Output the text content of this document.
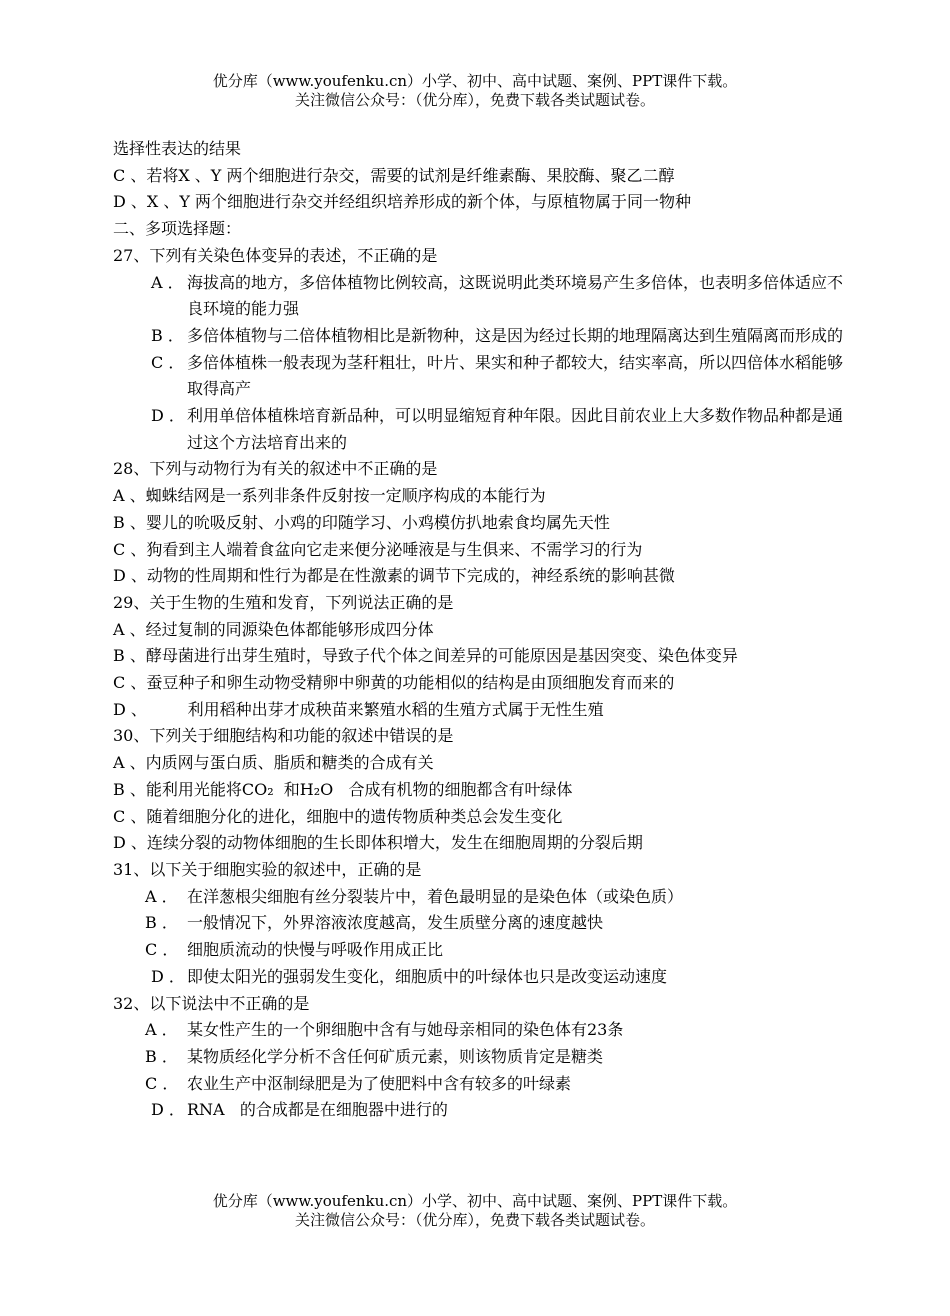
优分库（www.youfenku.cn）小学、初中、高中试题、案例、PPT课件下载。
关注微信公众号：（优分库），免费下载各类试题试卷。
选择性表达的结果
C 、若将X 、Y 两个细胞进行杂交，需要的试剂是纤维素酶、果胶酶、聚乙二醇
D 、X 、Y 两个细胞进行杂交并经组织培养形成的新个体，与原植物属于同一物种
二、多项选择题：
27、下列有关染色体变异的表述，不正确的是
A ． 海拔高的地方，多倍体植物比例较高，这既说明此类环境易产生多倍体，也表明多倍体适应不良环境的能力强
B ． 多倍体植物与二倍体植物相比是新物种，这是因为经过长期的地理隔离达到生殖隔离而形成的
C ． 多倍体植株一般表现为茎秆粗壮，叶片、果实和种子都较大，结实率高，所以四倍体水稻能够取得高产
D ． 利用单倍体植株培育新品种，可以明显缩短育种年限。因此目前农业上大多数作物品种都是通过这个方法培育出来的
28、下列与动物行为有关的叙述中不正确的是
A 、蜘蛛结网是一系列非条件反射按一定顺序构成的本能行为
B 、婴儿的吮吸反射、小鸡的印随学习、小鸡模仿扒地索食均属先天性
C 、狗看到主人端着食盆向它走来便分泌唾液是与生俱来、不需学习的行为
D 、动物的性周期和性行为都是在性激素的调节下完成的，神经系统的影响甚微
29、关于生物的生殖和发育，下列说法正确的是
A 、经过复制的同源染色体都能够形成四分体
B 、酵母菌进行出芽生殖时，导致子代个体之间差异的可能原因是基因突变、染色体变异
C 、蚕豆种子和卵生动物受精卵中卵黄的功能相似的结构是由顶细胞发育而来的
D 、        利用稻种出芽才成秧苗来繁殖水稻的生殖方式属于无性生殖
30、下列关于细胞结构和功能的叙述中错误的是
A 、内质网与蛋白质、脂质和糖类的合成有关
B 、能利用光能将CO₂  和H₂O   合成有机物的细胞都含有叶绿体
C 、随着细胞分化的进化，细胞中的遗传物质种类总会发生变化
D 、连续分裂的动物体细胞的生长即体积增大，发生在细胞周期的分裂后期
31、以下关于细胞实验的叙述中，正确的是
A ． 在洋葱根尖细胞有丝分裂装片中，着色最明显的是染色体（或染色质）
B ． 一般情况下，外界溶液浓度越高，发生质壁分离的速度越快
C ． 细胞质流动的快慢与呼吸作用成正比
D ． 即使太阳光的强弱发生变化，细胞质中的叶绿体也只是改变运动速度
32、以下说法中不正确的是
A ． 某女性产生的一个卵细胞中含有与她母亲相同的染色体有23条
B ． 某物质经化学分析不含任何矿质元素，则该物质肯定是糖类
C ． 农业生产中沤制绿肥是为了使肥料中含有较多的叶绿素
D ． RNA   的合成都是在细胞器中进行的
优分库（www.youfenku.cn）小学、初中、高中试题、案例、PPT课件下载。
关注微信公众号：（优分库），免费下载各类试题试卷。
